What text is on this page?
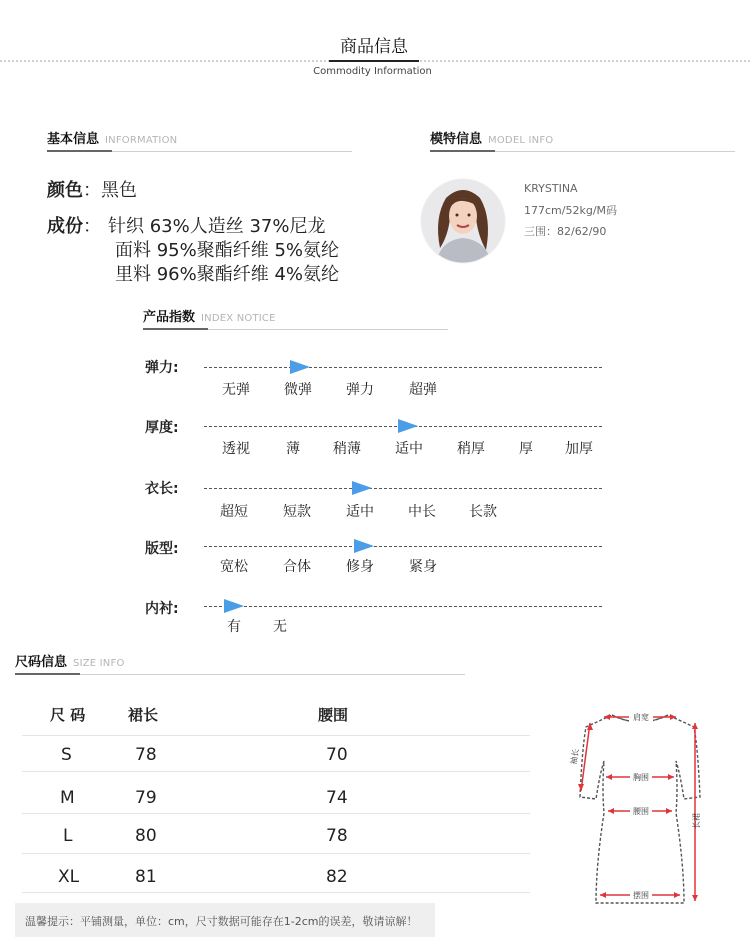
商品信息
Commodity Information
基本信息 INFORMATION
颜色：黑色
成份： 针织 63%人造丝 37%尼龙
面料 95%聚酯纤维 5%氨纶
里料 96%聚酯纤维 4%氨纶
模特信息 MODEL INFO
KRYSTINA
177cm/52kg/M码
三围：82/62/90
产品指数 INDEX NOTICE
弹力:
无弹 微弹 弹力	超弹
厚度:
透视	薄 稍薄 适中 稍厚 厚 加厚
衣长:
超短	短款	适中 中长 长款
版型:
宽松	合体	修身	紧身
内衬:
有 无
尺码信息 SIZE INFO
尺 码	裙长	腰围
S	78	70
M	79	74
L	80	78
XL	81	82
肩宽
袖长
胸围
腰围
摆围
长裙
温馨提示：平铺测量，单位：cm，尺寸数据可能存在1-2cm的误差，敬请谅解！
